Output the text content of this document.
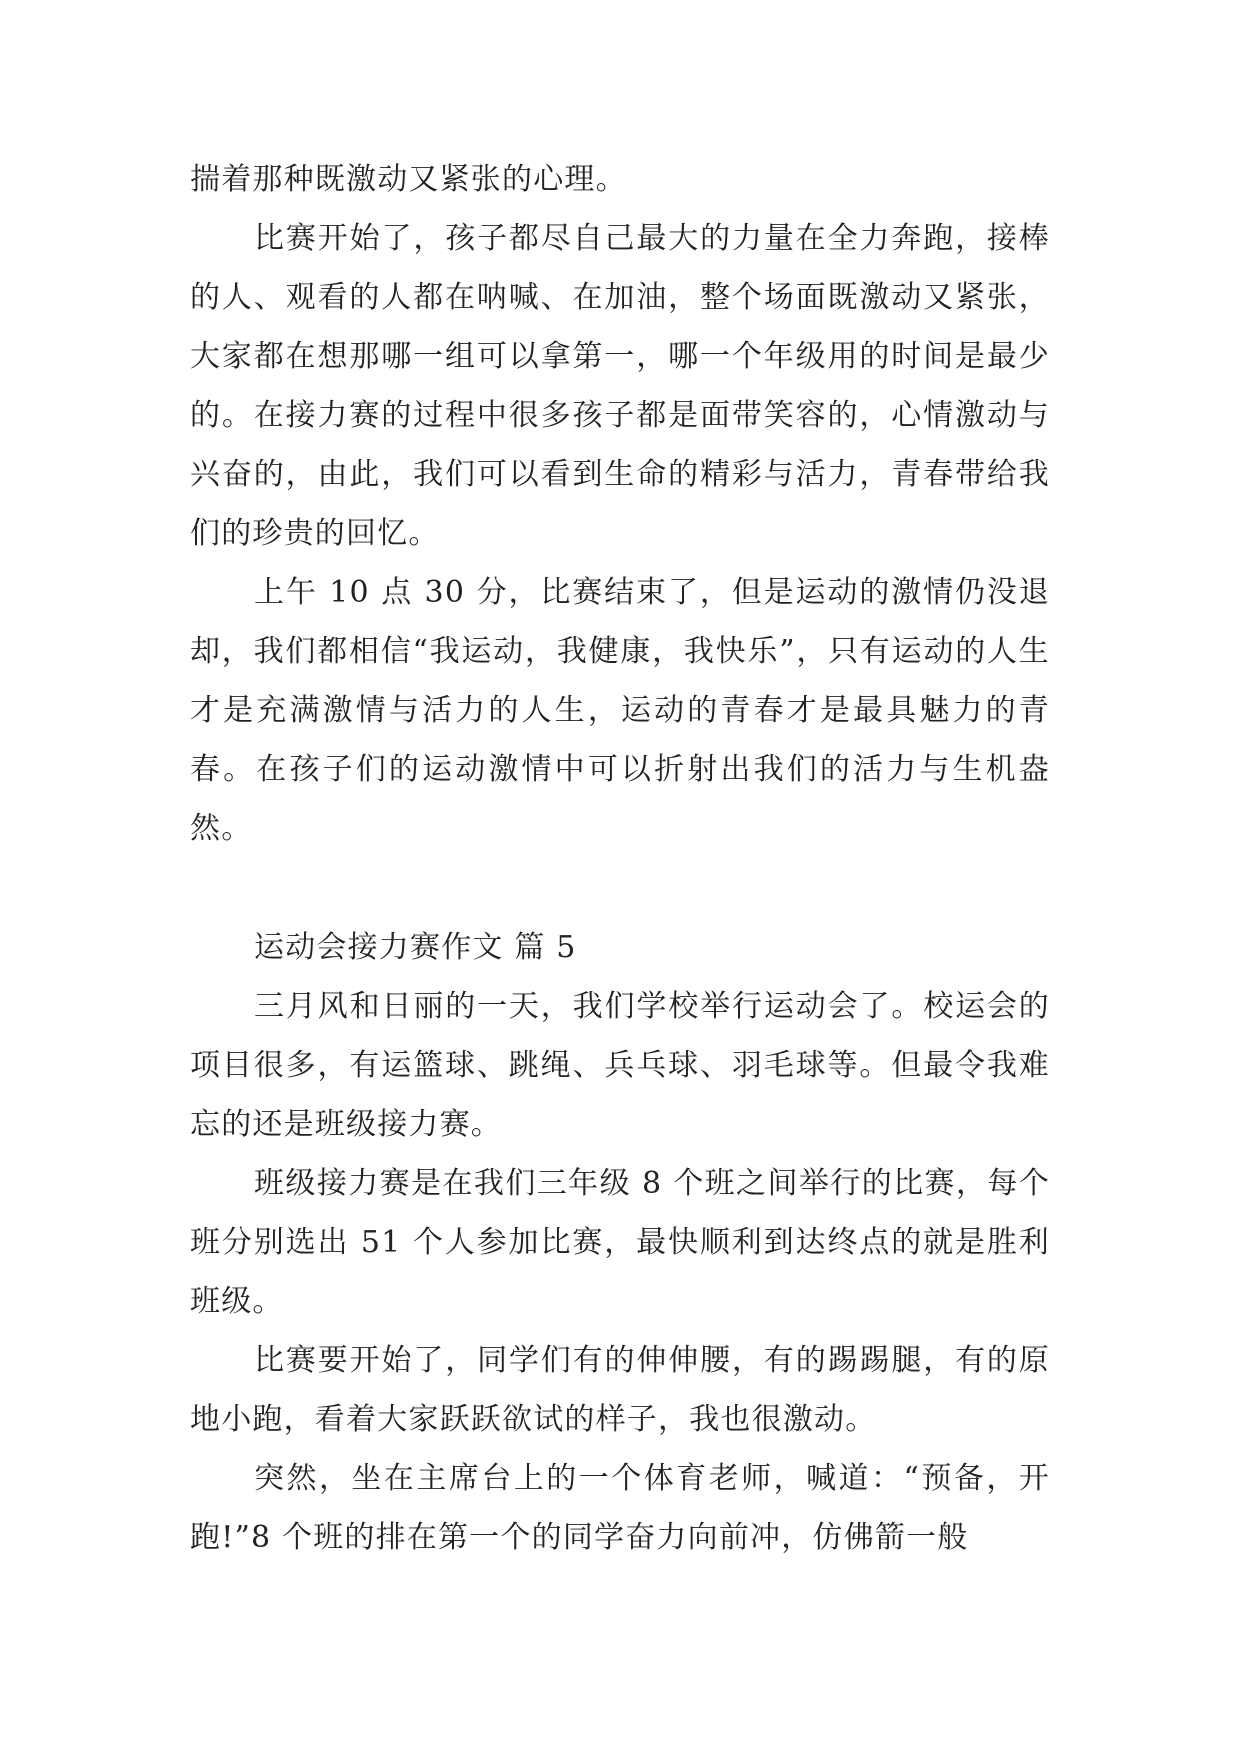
揣着那种既激动又紧张的心理。

比赛开始了，孩子都尽自己最大的力量在全力奔跑，接棒的人、观看的人都在呐喊、在加油，整个场面既激动又紧张，大家都在想那哪一组可以拿第一，哪一个年级用的时间是最少的。在接力赛的过程中很多孩子都是面带笑容的，心情激动与兴奋的，由此，我们可以看到生命的精彩与活力，青春带给我们的珍贵的回忆。

上午 10 点 30 分，比赛结束了，但是运动的激情仍没退却，我们都相信“我运动，我健康，我快乐”，只有运动的人生才是充满激情与活力的人生，运动的青春才是最具魅力的青春。在孩子们的运动激情中可以折射出我们的活力与生机盎然。

运动会接力赛作文 篇 5

三月风和日丽的一天，我们学校举行运动会了。校运会的项目很多，有运篮球、跳绳、兵乓球、羽毛球等。但最令我难忘的还是班级接力赛。

班级接力赛是在我们三年级 8 个班之间举行的比赛，每个班分别选出 51 个人参加比赛，最快顺利到达终点的就是胜利班级。

比赛要开始了，同学们有的伸伸腰，有的踢踢腿，有的原地小跑，看着大家跃跃欲试的样子，我也很激动。

突然，坐在主席台上的一个体育老师，喊道：“预备，开跑!”8 个班的排在第一个的同学奋力向前冲，仿佛箭一般
